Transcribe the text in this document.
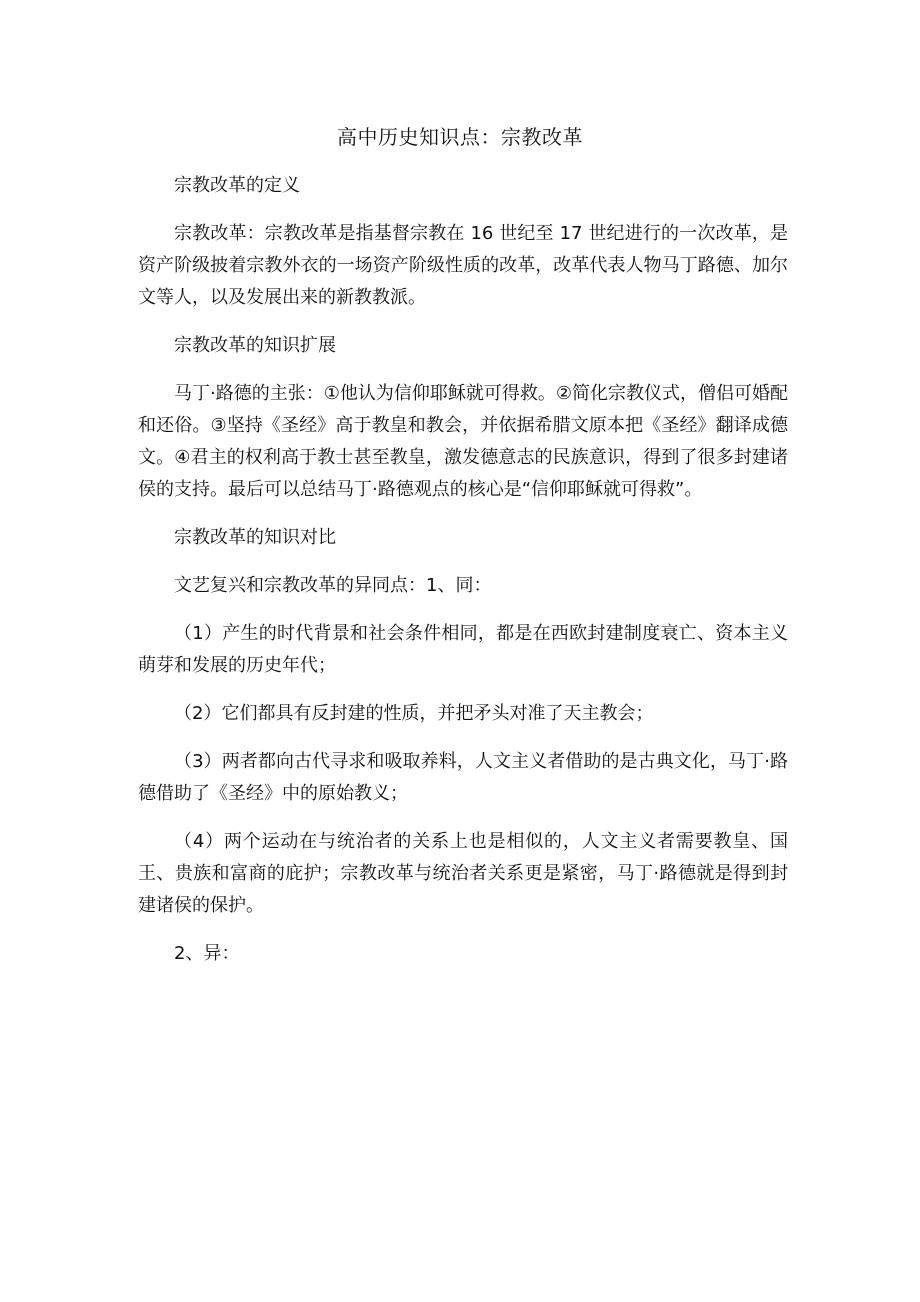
高中历史知识点：宗教改革

宗教改革的定义

宗教改革：宗教改革是指基督宗教在 16 世纪至 17 世纪进行的一次改革，是资产阶级披着宗教外衣的一场资产阶级性质的改革，改革代表人物马丁路德、加尔文等人，以及发展出来的新教教派。

宗教改革的知识扩展

马丁·路德的主张：①他认为信仰耶稣就可得救。②简化宗教仪式，僧侣可婚配和还俗。③坚持《圣经》高于教皇和教会，并依据希腊文原本把《圣经》翻译成德文。④君主的权利高于教士甚至教皇，激发德意志的民族意识，得到了很多封建诸侯的支持。最后可以总结马丁·路德观点的核心是“信仰耶稣就可得救”。

宗教改革的知识对比

文艺复兴和宗教改革的异同点：1、同：

（1）产生的时代背景和社会条件相同，都是在西欧封建制度衰亡、资本主义萌芽和发展的历史年代；

（2）它们都具有反封建的性质，并把矛头对准了天主教会；

（3）两者都向古代寻求和吸取养料，人文主义者借助的是古典文化，马丁·路德借助了《圣经》中的原始教义；

（4）两个运动在与统治者的关系上也是相似的，人文主义者需要教皇、国王、贵族和富商的庇护；宗教改革与统治者关系更是紧密，马丁·路德就是得到封建诸侯的保护。

2、异：
